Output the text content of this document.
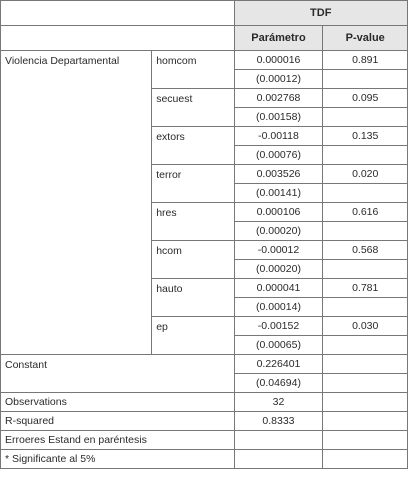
		TDF	
		Parámetro	P-value
Violencia Departamental	homcom	0.000016	0.891
		(0.00012)	
	secuest	0.002768	0.095
		(0.00158)	
	extors	-0.00118	0.135
		(0.00076)	
	terror	0.003526	0.020
		(0.00141)	
	hres	0.000106	0.616
		(0.00020)	
	hcom	-0.00012	0.568
		(0.00020)	
	hauto	0.000041	0.781
		(0.00014)	
	ep	-0.00152	0.030
		(0.00065)	
Constant		0.226401	
		(0.04694)	
Observations		32	
R-squared		0.8333	
Erroeres Estand en paréntesis			
* Significante al 5%			
